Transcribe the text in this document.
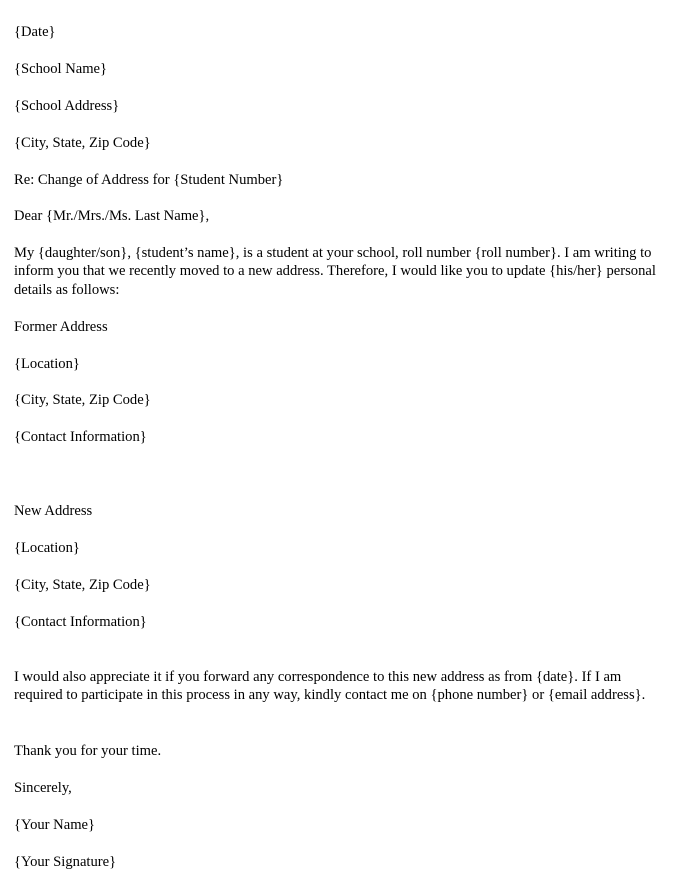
{Date}
{School Name}
{School Address}
{City, State, Zip Code}
Re: Change of Address for {Student Number}
Dear {Mr./Mrs./Ms. Last Name},
My {daughter/son}, {student’s name}, is a student at your school, roll number {roll number}. I am writing to inform you that we recently moved to a new address. Therefore, I would like you to update {his/her} personal details as follows:
Former Address
{Location}
{City, State, Zip Code}
{Contact Information}
New Address
{Location}
{City, State, Zip Code}
{Contact Information}
I would also appreciate it if you forward any correspondence to this new address as from {date}. If I am required to participate in this process in any way, kindly contact me on {phone number} or {email address}.
Thank you for your time.
Sincerely,
{Your Name}
{Your Signature}
